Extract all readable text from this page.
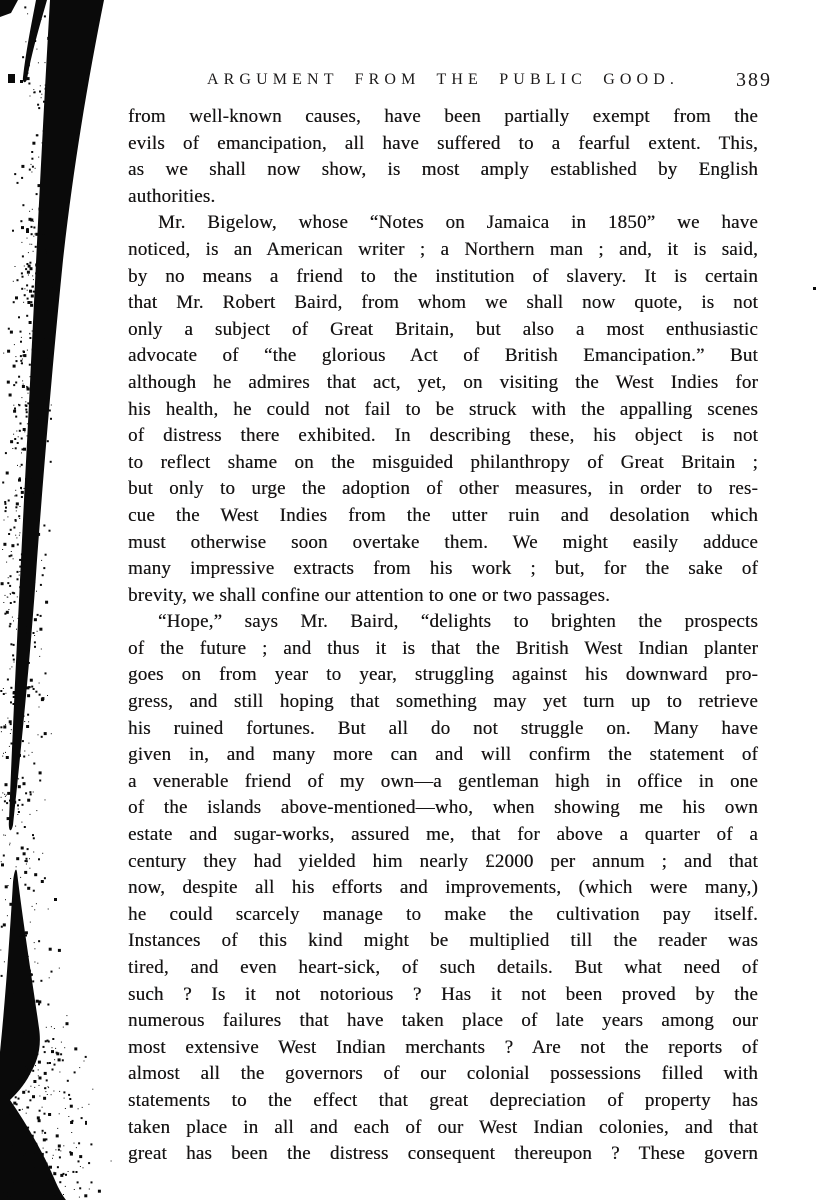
ARGUMENT FROM THE PUBLIC GOOD.	389
from well-known causes, have been partially exempt from the
evils of emancipation, all have suffered to a fearful extent. This,
as we shall now show, is most amply established by English
authorities.
Mr. Bigelow, whose “Notes on Jamaica in 1850” we have
noticed, is an American writer ; a Northern man ; and, it is said,
by no means a friend to the institution of slavery. It is certain
that Mr. Robert Baird, from whom we shall now quote, is not
only a subject of Great Britain, but also a most enthusiastic
advocate of “the glorious Act of British Emancipation.” But
although he admires that act, yet, on visiting the West Indies for
his health, he could not fail to be struck with the appalling scenes
of distress there exhibited. In describing these, his object is not
to reflect shame on the misguided philanthropy of Great Britain ;
but only to urge the adoption of other measures, in order to res-
cue the West Indies from the utter ruin and desolation which
must otherwise soon overtake them. We might easily adduce
many impressive extracts from his work ; but, for the sake of
brevity, we shall confine our attention to one or two passages.
“Hope,” says Mr. Baird, “delights to brighten the prospects
of the future ; and thus it is that the British West Indian planter
goes on from year to year, struggling against his downward pro-
gress, and still hoping that something may yet turn up to retrieve
his ruined fortunes. But all do not struggle on. Many have
given in, and many more can and will confirm the statement of
a venerable friend of my own—a gentleman high in office in one
of the islands above-mentioned—who, when showing me his own
estate and sugar-works, assured me, that for above a quarter of a
century they had yielded him nearly £2000 per annum ; and that
now, despite all his efforts and improvements, (which were many,)
he could scarcely manage to make the cultivation pay itself.
Instances of this kind might be multiplied till the reader was
tired, and even heart-sick, of such details. But what need of
such ? Is it not notorious ? Has it not been proved by the
numerous failures that have taken place of late years among our
most extensive West Indian merchants ? Are not the reports of
almost all the governors of our colonial possessions filled with
statements to the effect that great depreciation of property has
taken place in all and each of our West Indian colonies, and that
great has been the distress consequent thereupon ? These govern
